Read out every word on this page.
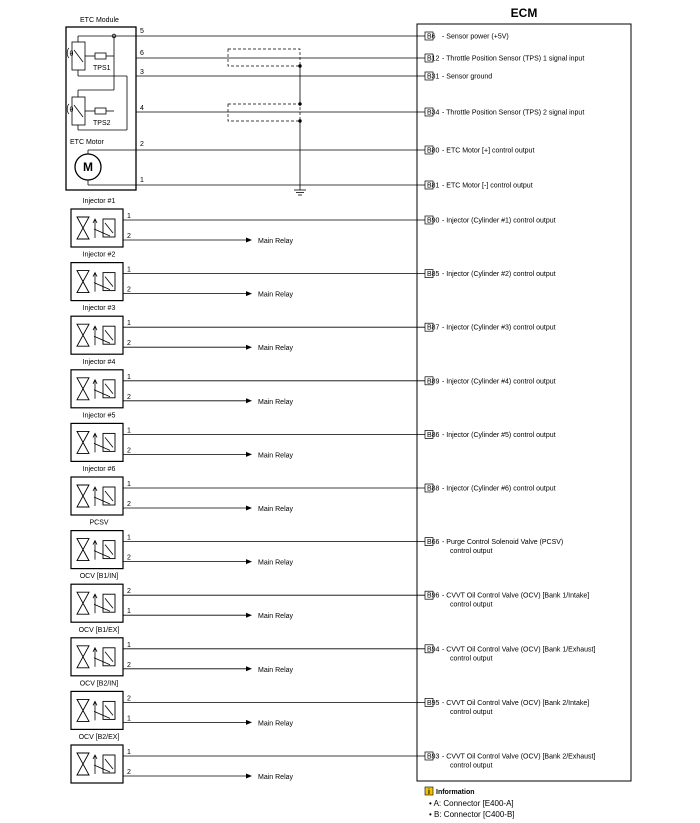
ECM
ETC Module
θ
TPS1
θ
TPS2
ETC Motor
M
5
6
3
4
2
1
B6 - Sensor power (+5V)
B12 - Throttle Position Sensor (TPS) 1 signal input
B31 - Sensor ground
B34 - Throttle Position Sensor (TPS) 2 signal input
B80 - ETC Motor [+] control output
B81 - ETC Motor [-] control output
Injector #1
1
2
Main Relay
B90 - Injector (Cylinder #1) control output
Injector #2
1
2
Main Relay
B85 - Injector (Cylinder #2) control output
Injector #3
1
2
Main Relay
B87 - Injector (Cylinder #3) control output
Injector #4
1
2
Main Relay
B89 - Injector (Cylinder #4) control output
Injector #5
1
2
Main Relay
B86 - Injector (Cylinder #5) control output
Injector #6
1
2
Main Relay
B88 - Injector (Cylinder #6) control output
PCSV
1
2
Main Relay
B66 - Purge Control Solenoid Valve (PCSV)
control output
OCV [B1/IN]
2
1
Main Relay
B96 - CVVT Oil Control Valve (OCV) [Bank 1/Intake]
control output
OCV [B1/EX]
1
2
Main Relay
B94 - CVVT Oil Control Valve (OCV) [Bank 1/Exhaust]
control output
OCV [B2/IN]
2
1
Main Relay
B95 - CVVT Oil Control Valve (OCV) [Bank 2/Intake]
control output
OCV [B2/EX]
1
2
Main Relay
B93 - CVVT Oil Control Valve (OCV) [Bank 2/Exhaust]
control output
i Information
• A: Connector [E400-A]
• B: Connector [C400-B]
